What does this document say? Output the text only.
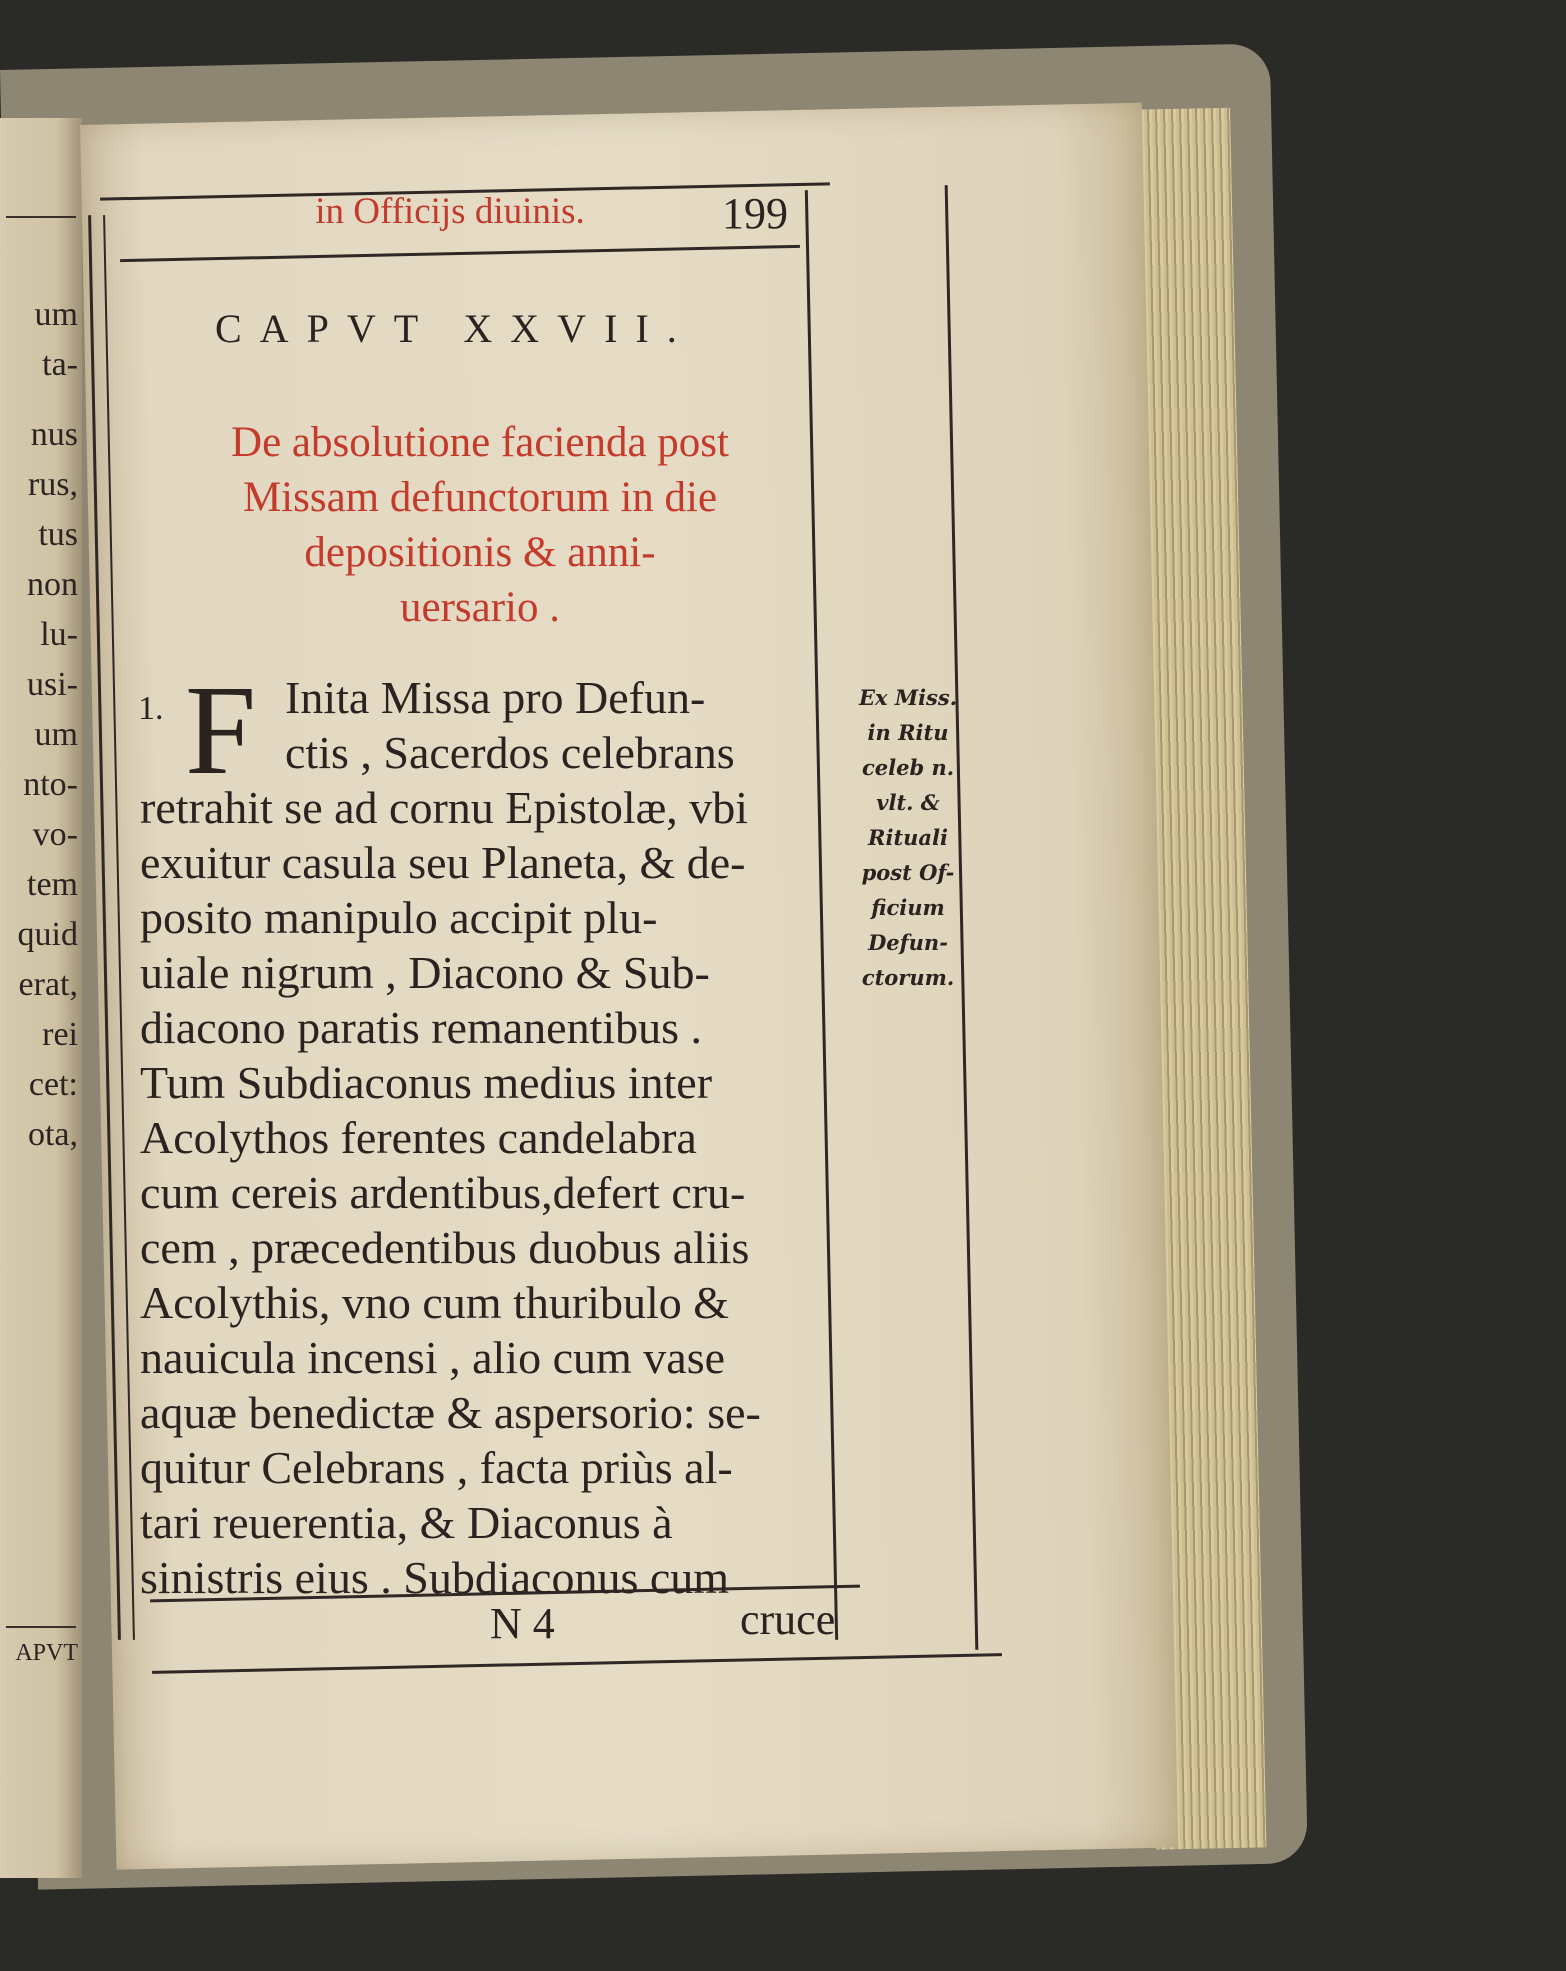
um
ta-
nus
rus,
tus
non
lu-
usi-
um
nto-
vo-
tem
quid
erat,
rei
cet:
ota,
APVT
in Officijs diuinis.	199
CAPVT XXVII.
De absolutione facienda post
Missam defunctorum in die
depositionis & anni-
uersario .
1. F Inita Missa pro Defun-
ctis , Sacerdos celebrans
retrahit se ad cornu Epistolæ, vbi
exuitur casula seu Planeta, & de-
posito manipulo accipit plu-
uiale nigrum , Diacono & Sub-
diacono paratis remanentibus .
Tum Subdiaconus medius inter
Acolythos ferentes candelabra
cum cereis ardentibus,defert cru-
cem , præcedentibus duobus aliis
Acolythis, vno cum thuribulo &
nauicula incensi , alio cum vase
aquæ benedictæ & aspersorio: se-
quitur Celebrans , facta priùs al-
tari reuerentia, & Diaconus à
sinistris eius . Subdiaconus cum
Ex Miss.
in Ritu
celeb n.
vlt. &
Rituali
post Of-
ficium
Defun-
ctorum.
N 4	cruce
